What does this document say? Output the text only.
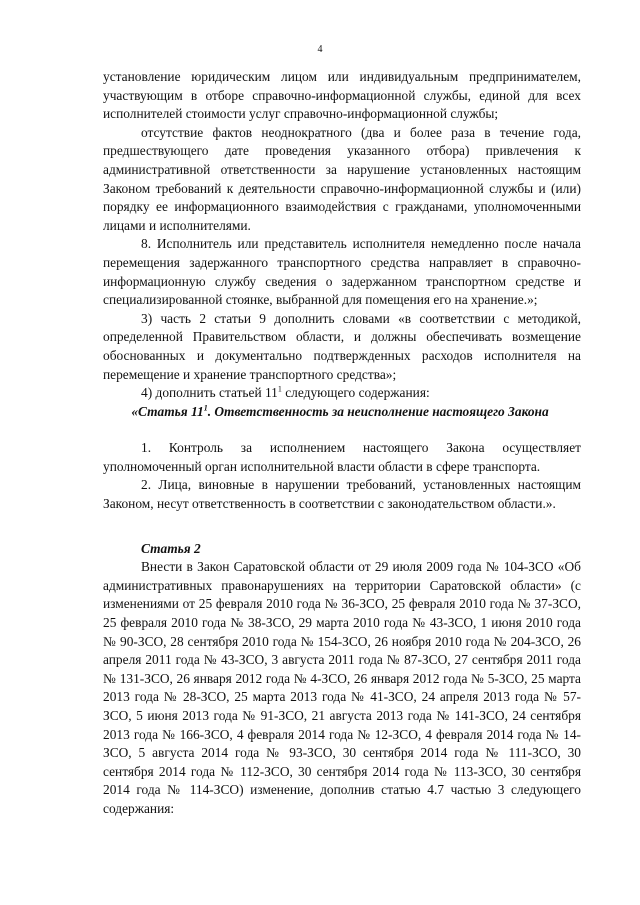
4

установление юридическим лицом или индивидуальным предпринимателем, участвующим в отборе справочно-информационной службы, единой для всех исполнителей стоимости услуг справочно-информационной службы;

отсутствие фактов неоднократного (два и более раза в течение года, предшествующего дате проведения указанного отбора) привлечения к административной ответственности за нарушение установленных настоящим Законом требований к деятельности справочно-информационной службы и (или) порядку ее информационного взаимодействия с гражданами, уполномоченными лицами и исполнителями.

8. Исполнитель или представитель исполнителя немедленно после начала перемещения задержанного транспортного средства направляет в справочно-информационную службу сведения о задержанном транспортном средстве и специализированной стоянке, выбранной для помещения его на хранение.»;

3) часть 2 статьи 9 дополнить словами «в соответствии с методикой, определенной Правительством области, и должны обеспечивать возмещение обоснованных и документально подтвержденных расходов исполнителя на перемещение и хранение транспортного средства»;

4) дополнить статьей $11^1$ следующего содержания:

«Статья $11^1$. Ответственность за неисполнение настоящего Закона

1. Контроль за исполнением настоящего Закона осуществляет уполномоченный орган исполнительной власти области в сфере транспорта.

2. Лица, виновные в нарушении требований, установленных настоящим Законом, несут ответственность в соответствии с законодательством области.».

Статья 2

Внести в Закон Саратовской области от 29 июля 2009 года № 104-ЗСО «Об административных правонарушениях на территории Саратовской области» (с изменениями от 25 февраля 2010 года № 36-ЗСО, 25 февраля 2010 года № 37-ЗСО, 25 февраля 2010 года № 38-ЗСО, 29 марта 2010 года № 43-ЗСО, 1 июня 2010 года № 90-ЗСО, 28 сентября 2010 года № 154-ЗСО, 26 ноября 2010 года № 204-ЗСО, 26 апреля 2011 года № 43-ЗСО, 3 августа 2011 года № 87-ЗСО, 27 сентября 2011 года № 131-ЗСО, 26 января 2012 года № 4-ЗСО, 26 января 2012 года № 5-ЗСО, 25 марта 2013 года № 28-ЗСО, 25 марта 2013 года № 41-ЗСО, 24 апреля 2013 года № 57-ЗСО, 5 июня 2013 года № 91-ЗСО, 21 августа 2013 года № 141-ЗСО, 24 сентября 2013 года № 166-ЗСО, 4 февраля 2014 года № 12-ЗСО, 4 февраля 2014 года № 14-ЗСО, 5 августа 2014 года № 93-ЗСО, 30 сентября 2014 года № 111-ЗСО, 30 сентября 2014 года № 112-ЗСО, 30 сентября 2014 года № 113-ЗСО, 30 сентября 2014 года № 114-ЗСО) изменение, дополнив статью 4.7 частью 3 следующего содержания:
